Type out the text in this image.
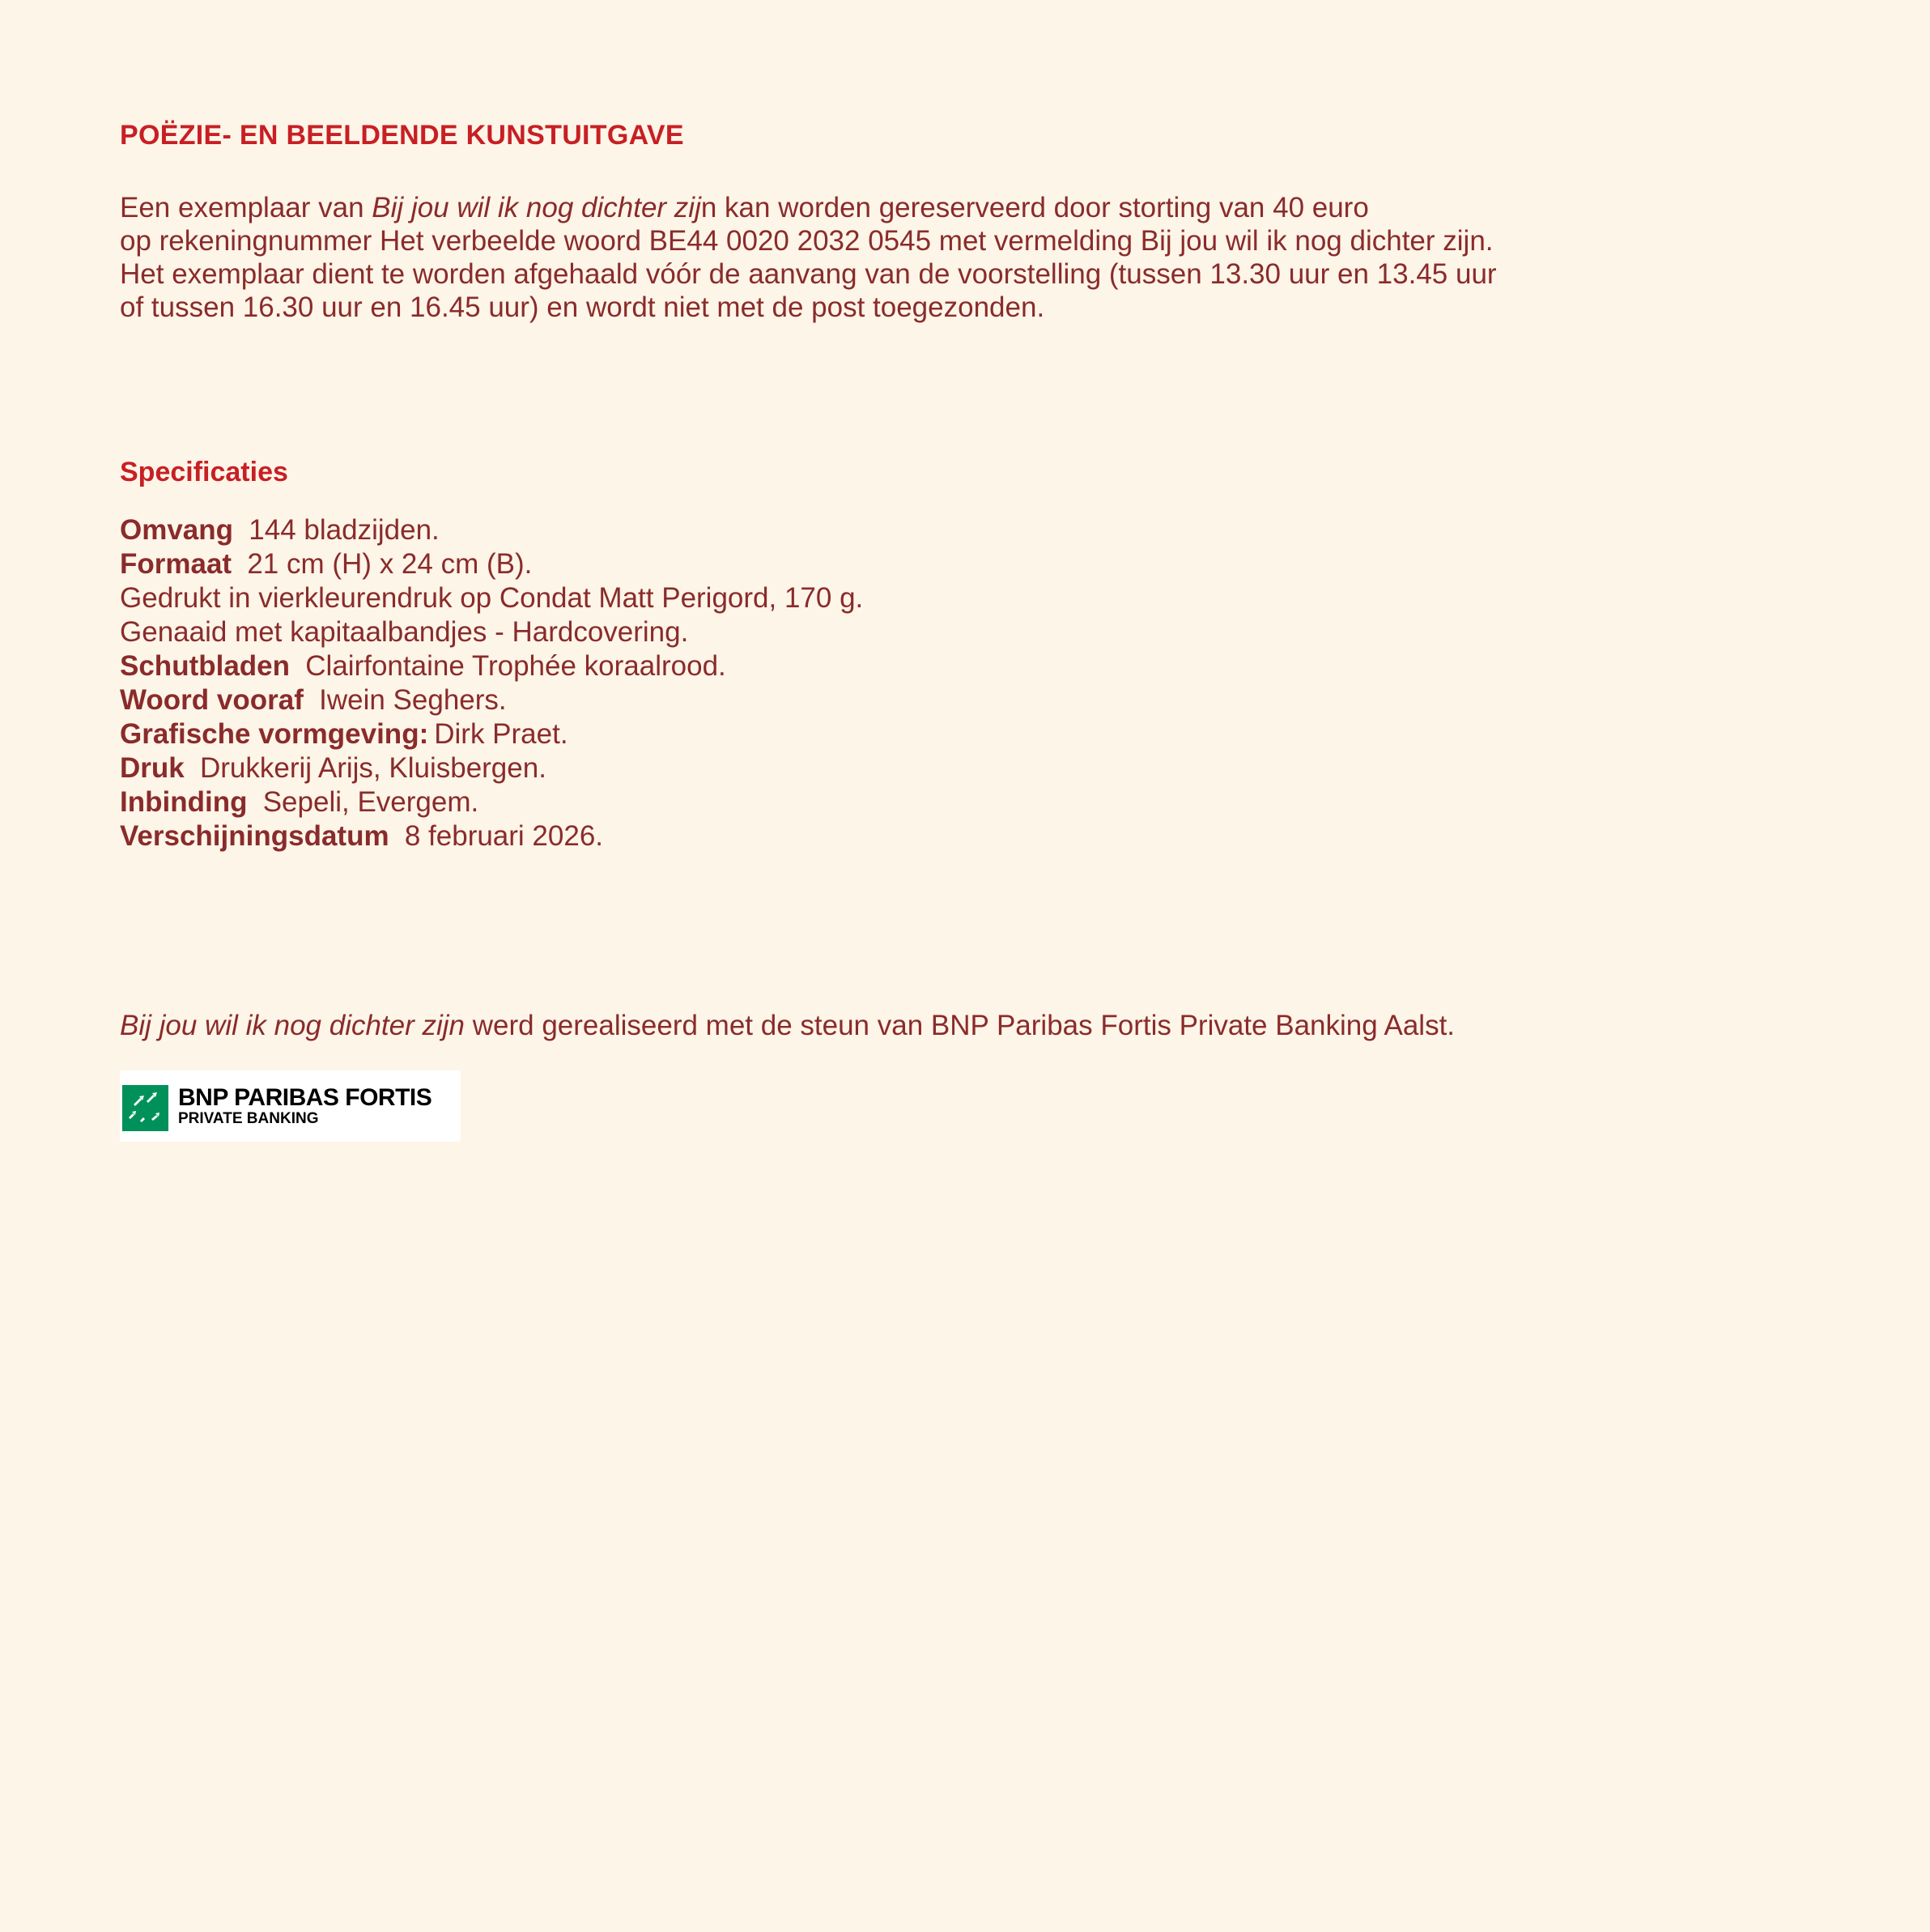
POËZIE- EN BEELDENDE KUNSTUITGAVE

Een exemplaar van Bij jou wil ik nog dichter zijn kan worden gereserveerd door storting van 40 euro
op rekeningnummer Het verbeelde woord BE44 0020 2032 0545 met vermelding Bij jou wil ik nog dichter zijn.
Het exemplaar dient te worden afgehaald vóór de aanvang van de voorstelling (tussen 13.30 uur en 13.45 uur
of tussen 16.30 uur en 16.45 uur) en wordt niet met de post toegezonden.

Specificaties
Omvang 144 bladzijden.
Formaat 21 cm (H) x 24 cm (B).
Gedrukt in vierkleurendruk op Condat Matt Perigord, 170 g.
Genaaid met kapitaalbandjes - Hardcovering.
Schutbladen Clairfontaine Trophée koraalrood.
Woord vooraf Iwein Seghers.
Grafische vormgeving: Dirk Praet.
Druk Drukkerij Arijs, Kluisbergen.
Inbinding Sepeli, Evergem.
Verschijningsdatum 8 februari 2026.
Bij jou wil ik nog dichter zijn werd gerealiseerd met de steun van BNP Paribas Fortis Private Banking Aalst.
BNP PARIBAS FORTIS
PRIVATE BANKING
